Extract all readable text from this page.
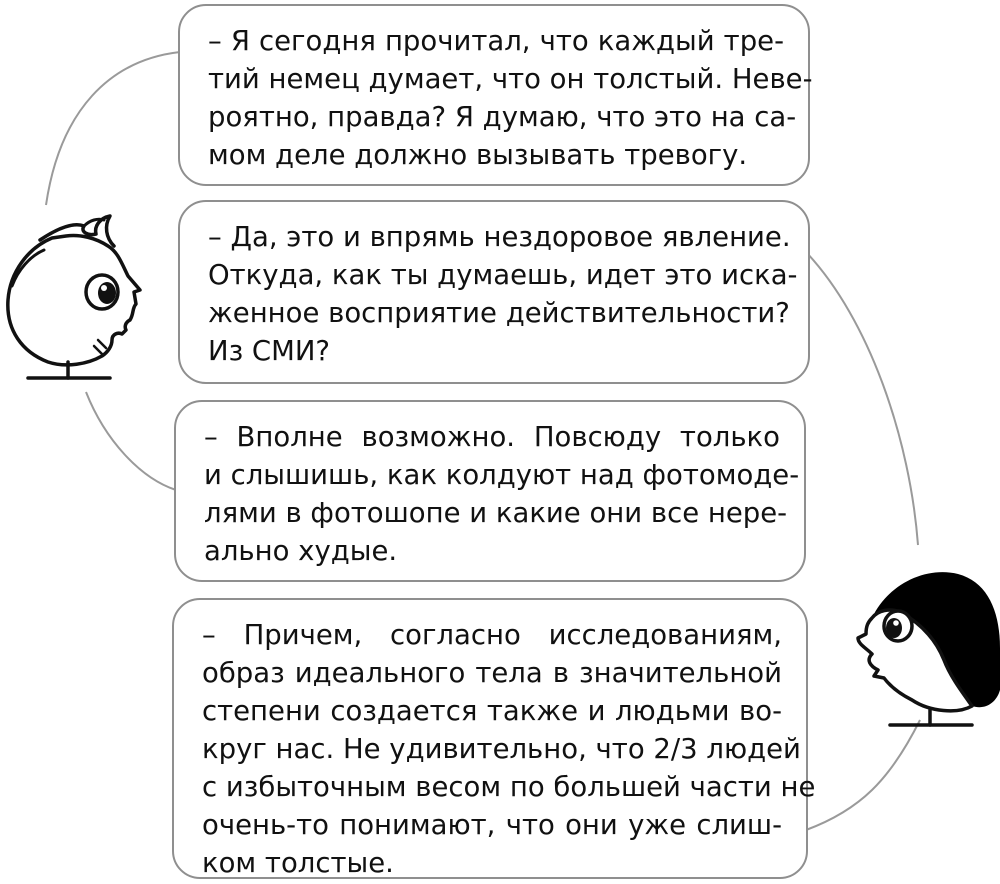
– Я сегодня прочитал, что каждый тре-
тий немец думает, что он толстый. Неве-
роятно, правда? Я думаю, что это на са-
мом деле должно вызывать тревогу.
– Да, это и впрямь нездоровое явление.
Откуда, как ты думаешь, идет это иска-
женное восприятие действительности?
Из СМИ?
– Вполне возможно. Повсюду только
и слышишь, как колдуют над фотомоде-
лями в фотошопе и какие они все нере-
ально худые.
– Причем, согласно исследованиям,
образ идеального тела в значительной
степени создается также и людьми во-
круг нас. Не удивительно, что 2/3 людей
с избыточным весом по большей части не
очень-то понимают, что они уже слиш-
ком толстые.
